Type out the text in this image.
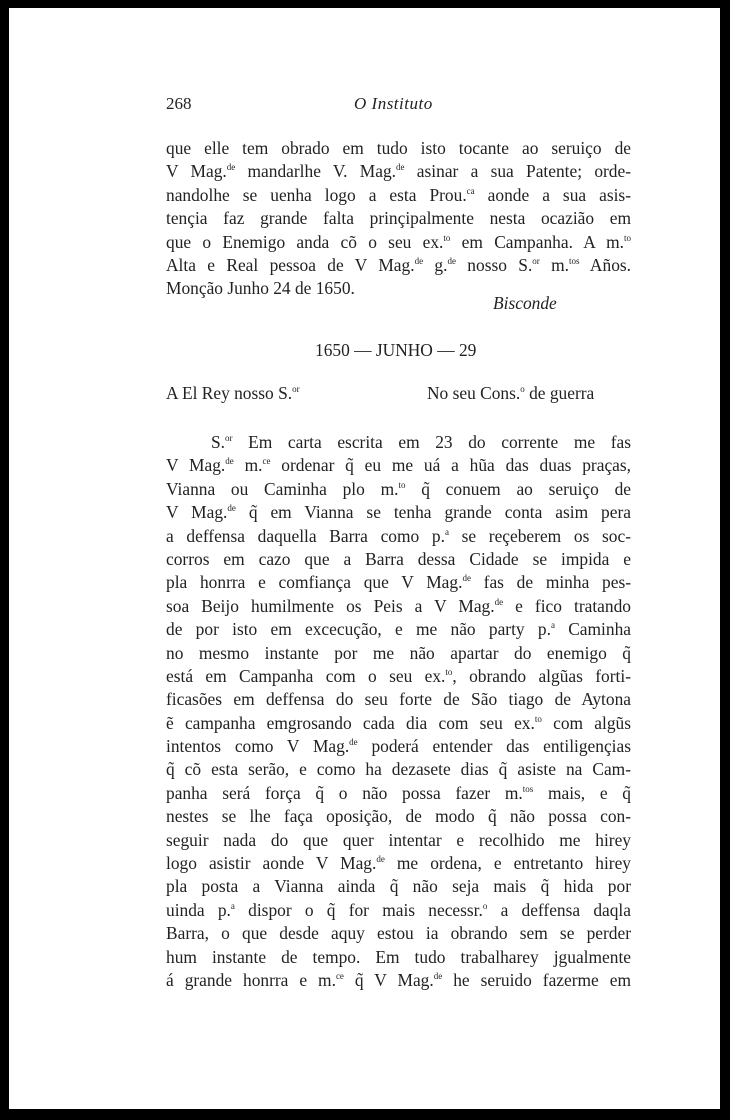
268	O Instituto
que elle tem obrado em tudo isto tocante ao seruiço de
V Mag.$^{de}$ mandarlhe V. Mag.$^{de}$ asinar a sua Patente; orde-
nandolhe se uenha logo a esta Prou.$^{ca}$ aonde a sua asis-
tençia faz grande falta prinçipalmente nesta ocazião em
que o Enemigo anda cõ o seu ex.$^{to}$ em Campanha. A m.$^{to}$
Alta e Real pessoa de V Mag.$^{de}$ g.$^{de}$ nosso S.$^{or}$ m.$^{tos}$ Años.
Monção Junho 24 de 1650.
Bisconde
1650 — JUNHO — 29
A El Rey nosso S.$^{or}$	No seu Cons.$^o$ de guerra
S.$^{or}$ Em carta escrita em 23 do corrente me fas
V Mag.$^{de}$ m.$^{ce}$ ordenar q̃ eu me uá a hũa das duas praças,
Vianna ou Caminha plo m.$^{to}$ q̃ conuem ao seruiço de
V Mag.$^{de}$ q̃ em Vianna se tenha grande conta asim pera
a deffensa daquella Barra como p.$^a$ se reçeberem os soc-
corros em cazo que a Barra dessa Cidade se impida e
pla honrra e comfiança que V Mag.$^{de}$ fas de minha pes-
soa Beijo humilmente os Peis a V Mag.$^{de}$ e fico tratando
de por isto em excecução, e me não party p.$^a$ Caminha
no mesmo instante por me não apartar do enemigo q̃
está em Campanha com o seu ex.$^{to}$, obrando algũas forti-
ficasões em deffensa do seu forte de São tiago de Aytona
ẽ campanha emgrosando cada dia com seu ex.$^{to}$ com algũs
intentos como V Mag.$^{de}$ poderá entender das entiligençias
q̃ cõ esta serão, e como ha dezasete dias q̃ asiste na Cam-
panha será força q̃ o não possa fazer m.$^{tos}$ mais, e q̃
nestes se lhe faça oposição, de modo q̃ não possa con-
seguir nada do que quer intentar e recolhido me hirey
logo asistir aonde V Mag.$^{de}$ me ordena, e entretanto hirey
pla posta a Vianna ainda q̃ não seja mais q̃ hida por
uinda p.$^a$ dispor o q̃ for mais necessr.$^o$ a deffensa daqla
Barra, o que desde aquy estou ia obrando sem se perder
hum instante de tempo. Em tudo trabalharey jgualmente
á grande honrra e m.$^{ce}$ q̃ V Mag.$^{de}$ he seruido fazerme em
